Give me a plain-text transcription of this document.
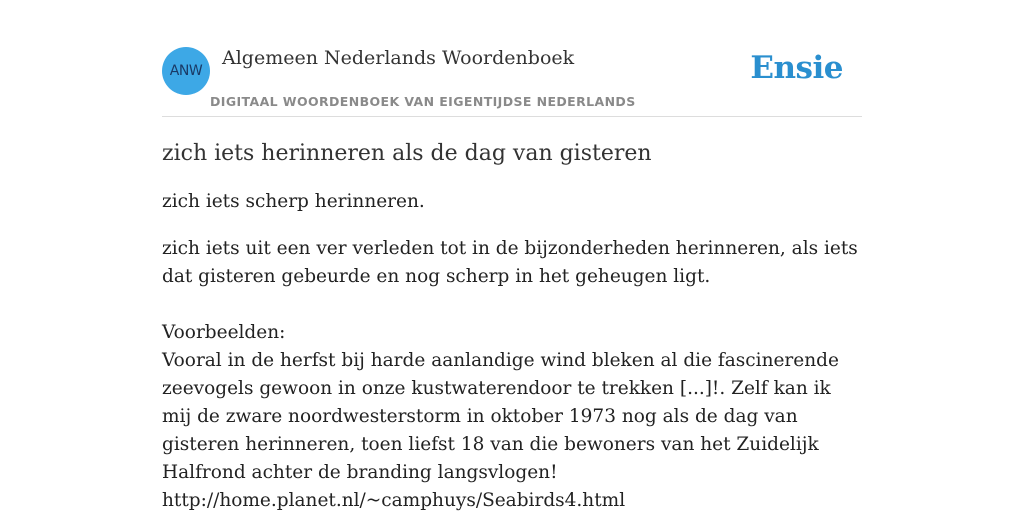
ANW
Algemeen Nederlands Woordenboek
DIGITAAL WOORDENBOEK VAN EIGENTIJDSE NEDERLANDS
Ensie
zich iets herinneren als de dag van gisteren

zich iets scherp herinneren.

zich iets uit een ver verleden tot in de bijzonderheden herinneren, als iets dat gisteren gebeurde en nog scherp in het geheugen ligt.

Voorbeelden:

Vooral in de herfst bij harde aanlandige wind bleken al die fascinerende zeevogels gewoon in onze kustwaterendoor te trekken [...]!. Zelf kan ik mij de zware noordwesterstorm in oktober 1973 nog als de dag van gisteren herinneren, toen liefst 18 van die bewoners van het Zuidelijk Halfrond achter de branding langsvlogen!

http://home.planet.nl/~camphuys/Seabirds4.html
